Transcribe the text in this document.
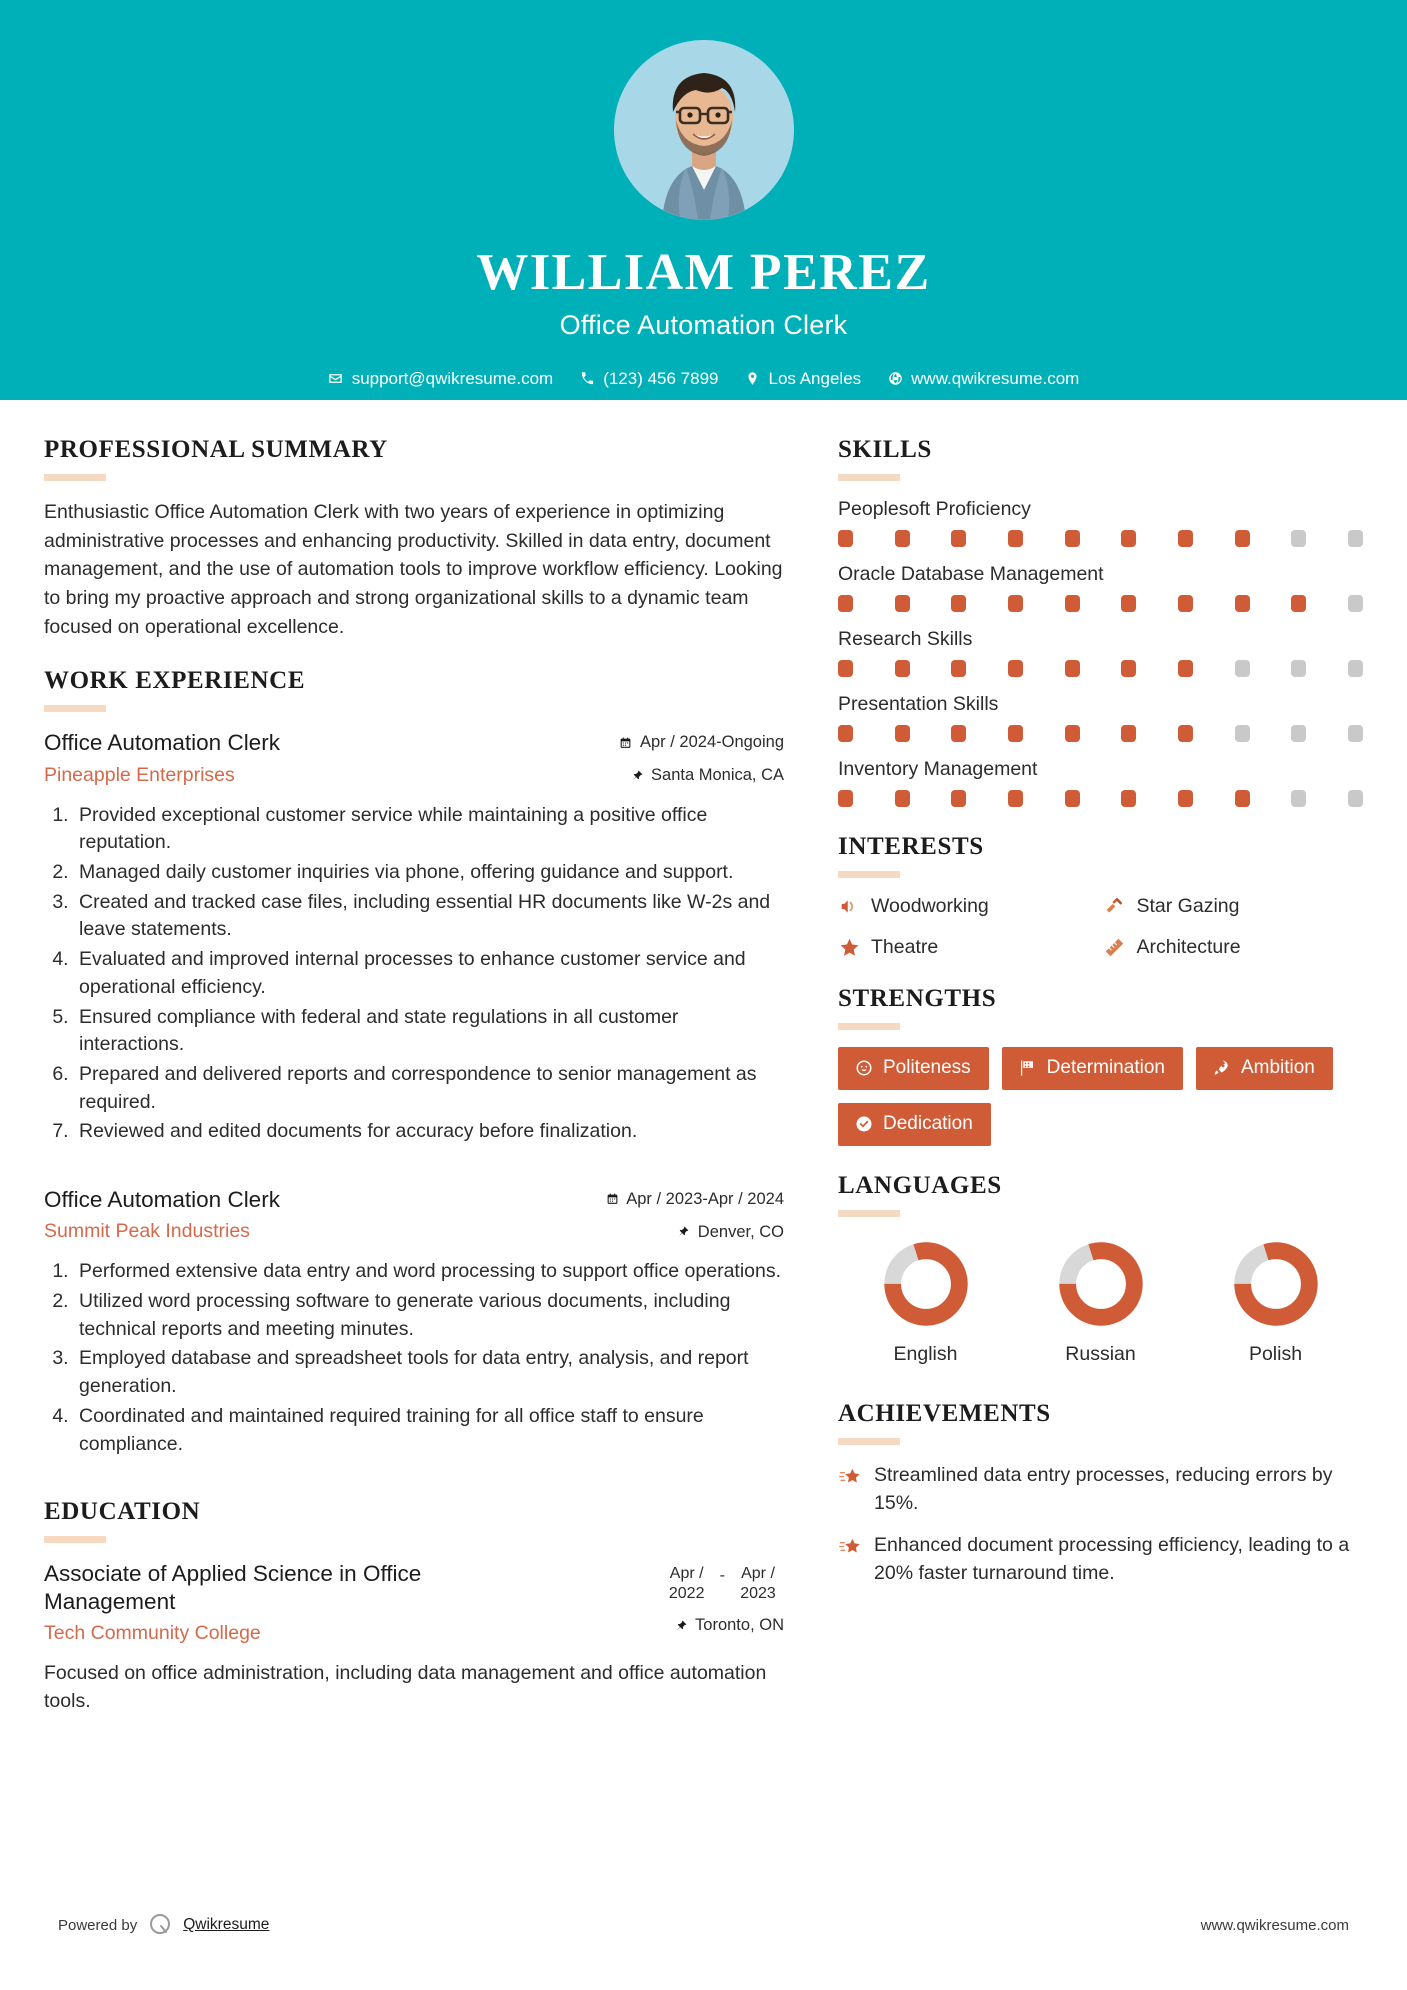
WILLIAM PEREZ
Office Automation Clerk
support@qwikresume.com	(123) 456 7899	Los Angeles	www.qwikresume.com
PROFESSIONAL SUMMARY

Enthusiastic Office Automation Clerk with two years of experience in optimizing administrative processes and enhancing productivity. Skilled in data entry, document management, and the use of automation tools to improve workflow efficiency. Looking to bring my proactive approach and strong organizational skills to a dynamic team focused on operational excellence.

WORK EXPERIENCE
Office Automation Clerk
Pineapple Enterprises
Apr / 2024-Ongoing
Santa Monica, CA
1. Provided exceptional customer service while maintaining a positive office reputation.
2. Managed daily customer inquiries via phone, offering guidance and support.
3. Created and tracked case files, including essential HR documents like W-2s and leave statements.
4. Evaluated and improved internal processes to enhance customer service and operational efficiency.
5. Ensured compliance with federal and state regulations in all customer interactions.
6. Prepared and delivered reports and correspondence to senior management as required.
7. Reviewed and edited documents for accuracy before finalization.
Office Automation Clerk
Summit Peak Industries
Apr / 2023-Apr / 2024
Denver, CO
1. Performed extensive data entry and word processing to support office operations.
2. Utilized word processing software to generate various documents, including technical reports and meeting minutes.
3. Employed database and spreadsheet tools for data entry, analysis, and report generation.
4. Coordinated and maintained required training for all office staff to ensure compliance.
EDUCATION
Associate of Applied Science in Office Management
Tech Community College
Apr /
2022
-	Apr /
2023
Toronto, ON

Focused on office administration, including data management and office automation tools.

SKILLS
Peoplesoft Proficiency
Oracle Database Management
Research Skills
Presentation Skills
Inventory Management
INTERESTS
Woodworking	Star Gazing
Theatre	Architecture
STRENGTHS
Politeness	Determination	Ambition
Dedication
LANGUAGES
English	Russian	Polish
ACHIEVEMENTS
Streamlined data entry processes, reducing errors by 15%.
Enhanced document processing efficiency, leading to a 20% faster turnaround time.
Powered by	Qwikresume	www.qwikresume.com
